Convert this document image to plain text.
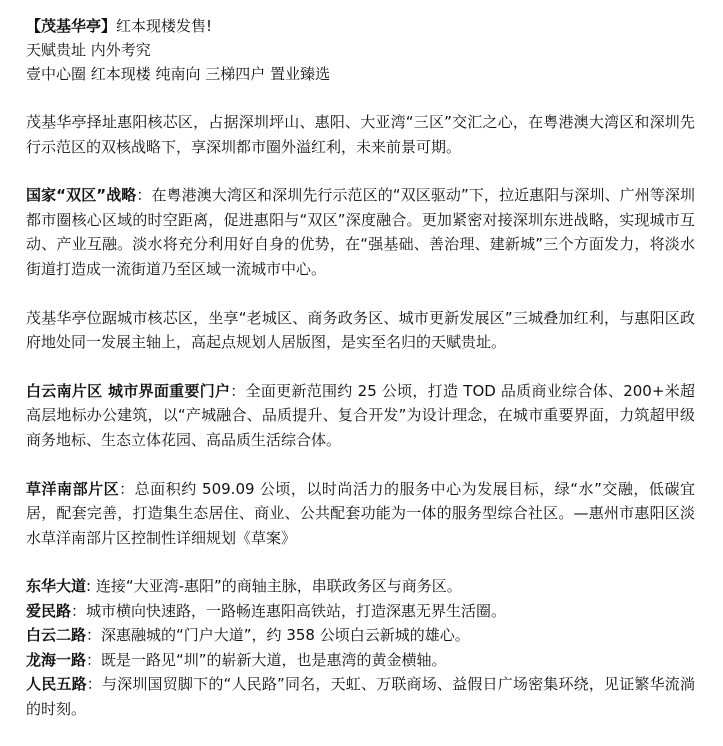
【茂基华亭】红本现楼发售!

天赋贵址 内外考究

壹中心圈 红本现楼 纯南向 三梯四户 置业臻选

茂基华亭择址惠阳核芯区，占据深圳坪山、惠阳、大亚湾“三区”交汇之心，在粤港澳大湾区和深圳先行示范区的双核战略下，享深圳都市圈外溢红利，未来前景可期。

国家“双区”战略：在粤港澳大湾区和深圳先行示范区的“双区驱动”下，拉近惠阳与深圳、广州等深圳都市圈核心区域的时空距离，促进惠阳与“双区”深度融合。更加紧密对接深圳东进战略，实现城市互动、产业互融。淡水将充分利用好自身的优势，在“强基础、善治理、建新城”三个方面发力，将淡水街道打造成一流街道乃至区域一流城市中心。

茂基华亭位踞城市核芯区，坐享“老城区、商务政务区、城市更新发展区”三城叠加红利，与惠阳区政府地处同一发展主轴上，高起点规划人居版图，是实至名归的天赋贵址。

白云南片区 城市界面重要门户：全面更新范围约 25 公顷，打造 TOD 品质商业综合体、200+米超高层地标办公建筑，以“产城融合、品质提升、复合开发”为设计理念，在城市重要界面，力筑超甲级商务地标、生态立体花园、高品质生活综合体。

草洋南部片区：总面积约 509.09 公顷，以时尚活力的服务中心为发展目标，绿“水”交融，低碳宜居，配套完善，打造集生态居住、商业、公共配套功能为一体的服务型综合社区。—惠州市惠阳区淡水草洋南部片区控制性详细规划《草案》

东华大道: 连接“大亚湾-惠阳”的商轴主脉，串联政务区与商务区。

爱民路：城市横向快速路，一路畅连惠阳高铁站，打造深惠无界生活圈。

白云二路：深惠融城的“门户大道”，约 358 公顷白云新城的雄心。

龙海一路：既是一路见“圳”的崭新大道，也是惠湾的黄金横轴。

人民五路：与深圳国贸脚下的“人民路”同名，天虹、万联商场、益假日广场密集环绕，见证繁华流淌的时刻。
